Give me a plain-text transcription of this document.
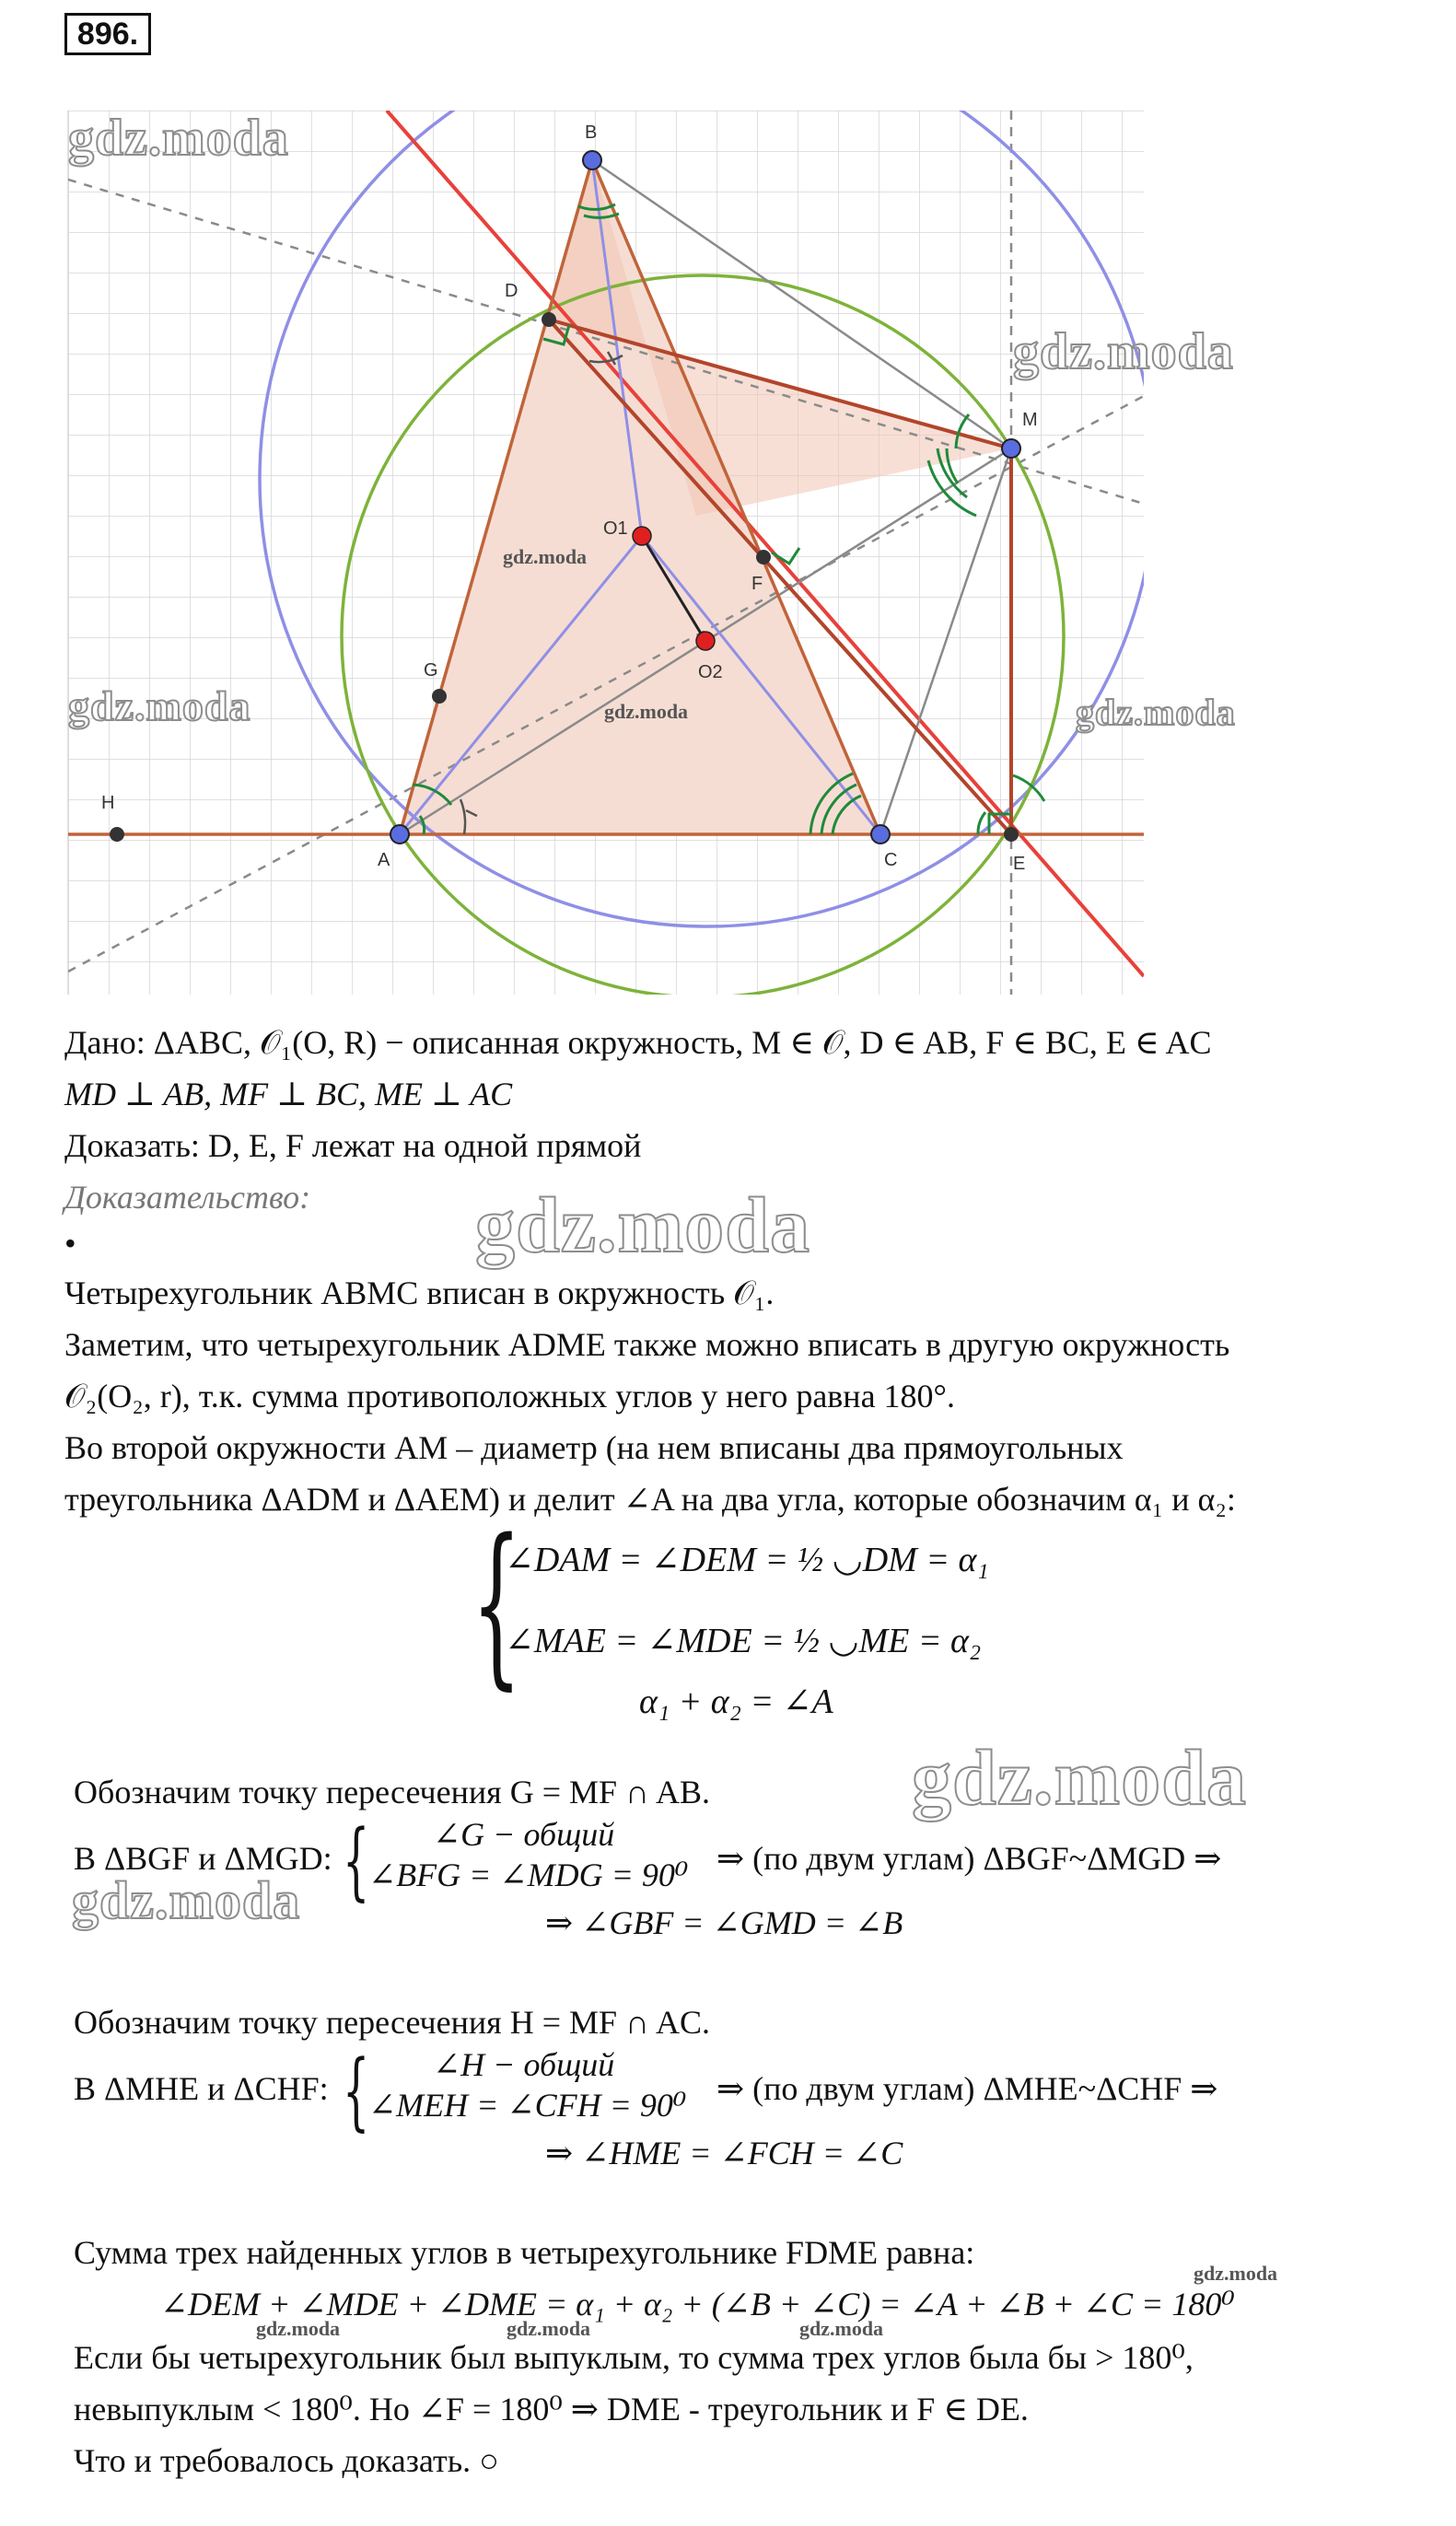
896.
B
D
M
O1
O2
F
G
H
A	C	E
gdz.moda
gdz.moda
gdz.moda	gdz.moda
gdz.moda
gdz.moda
gdz.moda
gdz.moda
gdz.moda
gdz.moda
gdz.moda	gdz.moda	gdz.moda
Дано: ΔABC, 𝒪₁(O, R) − описанная окружность, M ∈ 𝒪, D ∈ AB, F ∈ BC, E ∈ AC
MD ⊥ AB, MF ⊥ BC, ME ⊥ AC
Доказать: D, E, F лежат на одной прямой
Доказательство:
•
Четырехугольник ABMC вписан в окружность 𝒪₁.
Заметим, что четырехугольник ADME также можно вписать в другую окружность
𝒪₂(O₂, r), т.к. сумма противоположных углов у него равна 180°.
Во второй окружности AM – диаметр (на нем вписаны два прямоугольных
треугольника ΔADM и ΔAEM) и делит ∠A на два угла, которые обозначим α₁ и α₂:
{
∠DAM = ∠DEM = ½ ◡DM = α₁
∠MAE = ∠MDE = ½ ◡ME = α₂
α₁ + α₂ = ∠A
Обозначим точку пересечения G = MF ∩ AB.
В ΔBGF и ΔMGD: { ∠G − общий
∠BFG = ∠MDG = 90⁰ ⇒ (по двум углам) ΔBGF~ΔMGD ⇒
⇒ ∠GBF = ∠GMD = ∠B
Обозначим точку пересечения H = MF ∩ AC.
В ΔMHE и ΔCHF: { ∠H − общий
∠MEH = ∠CFH = 90⁰ ⇒ (по двум углам) ΔMHE~ΔCHF ⇒
⇒ ∠HME = ∠FCH = ∠C
Сумма трех найденных углов в четырехугольнике FDME равна:
∠DEM + ∠MDE + ∠DME = α₁ + α₂ + (∠B + ∠C) = ∠A + ∠B + ∠C = 180⁰
Если бы четырехугольник был выпуклым, то сумма трех углов была бы > 180⁰,
невыпуклым < 180⁰. Но ∠F = 180⁰ ⇒ DME - треугольник и F ∈ DE.
Что и требовалось доказать. ○
